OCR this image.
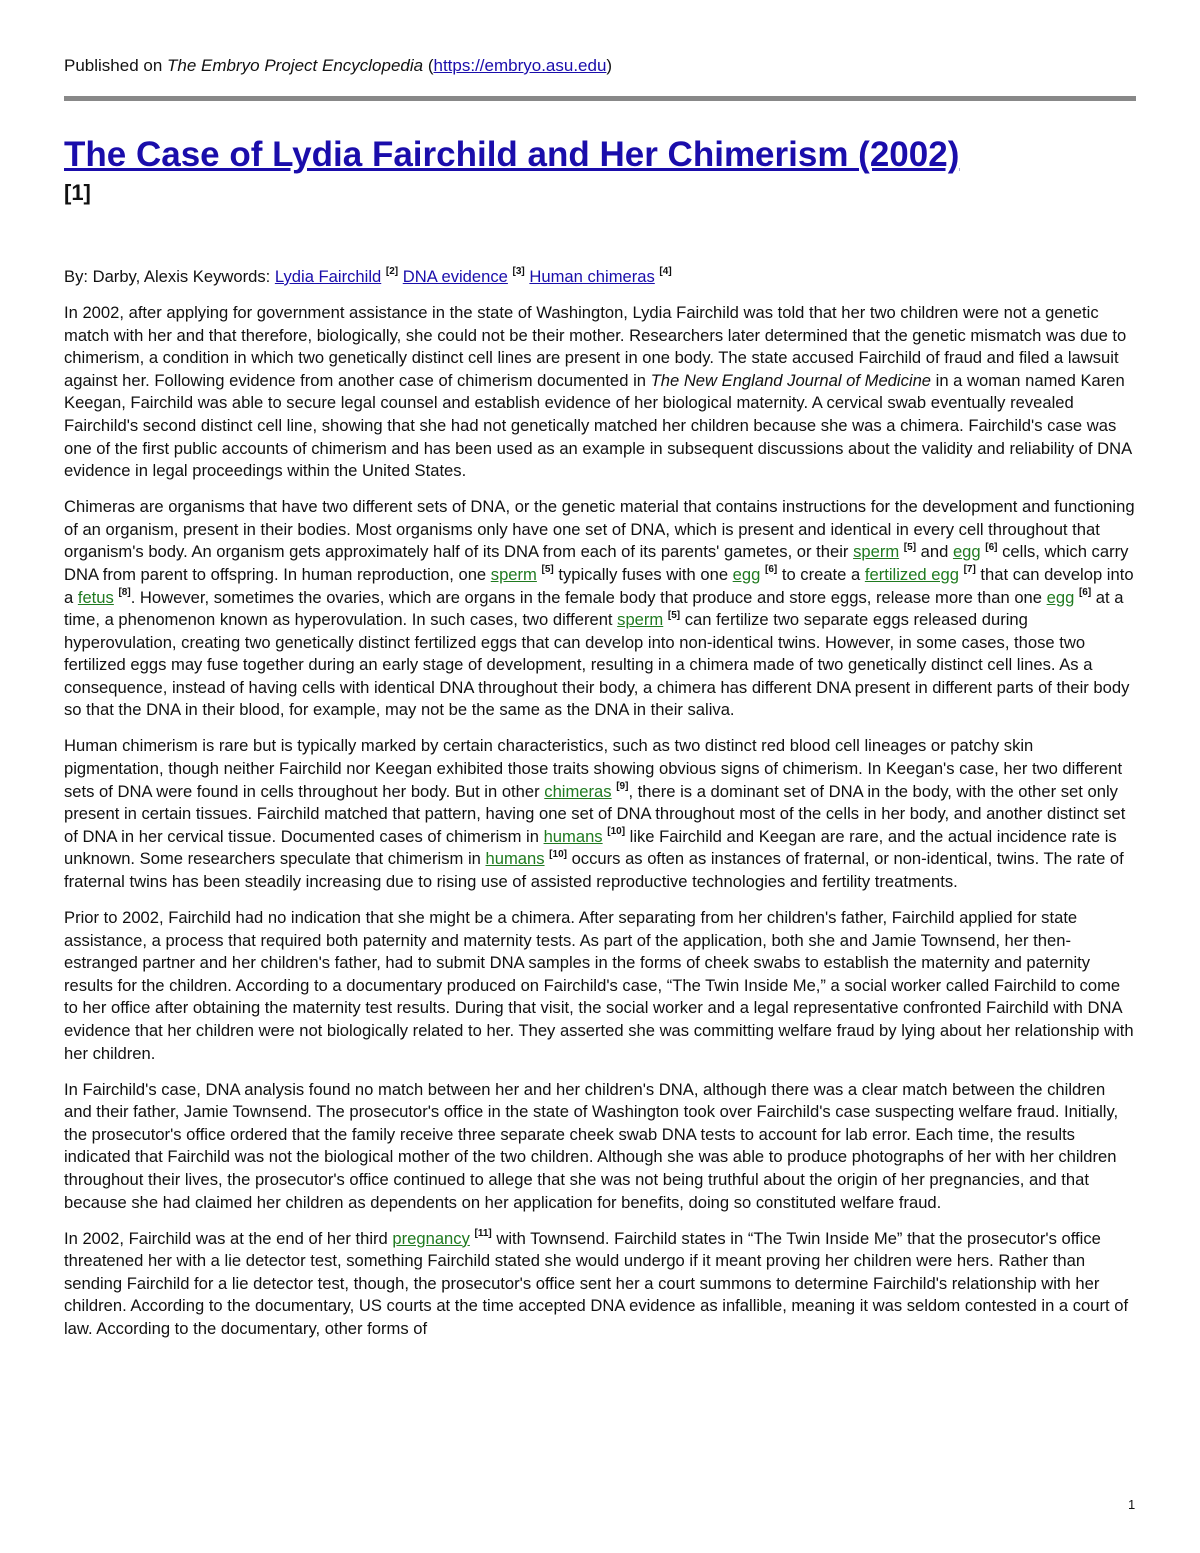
Published on The Embryo Project Encyclopedia (https://embryo.asu.edu)
The Case of Lydia Fairchild and Her Chimerism (2002)
[1]

By: Darby, Alexis Keywords: Lydia Fairchild [2] DNA evidence [3] Human chimeras [4]

In 2002, after applying for government assistance in the state of Washington, Lydia Fairchild was told that her two children were not a genetic match with her and that therefore, biologically, she could not be their mother. Researchers later determined that the genetic mismatch was due to chimerism, a condition in which two genetically distinct cell lines are present in one body. The state accused Fairchild of fraud and filed a lawsuit against her. Following evidence from another case of chimerism documented in The New England Journal of Medicine in a woman named Karen Keegan, Fairchild was able to secure legal counsel and establish evidence of her biological maternity. A cervical swab eventually revealed Fairchild's second distinct cell line, showing that she had not genetically matched her children because she was a chimera. Fairchild's case was one of the first public accounts of chimerism and has been used as an example in subsequent discussions about the validity and reliability of DNA evidence in legal proceedings within the United States.

Chimeras are organisms that have two different sets of DNA, or the genetic material that contains instructions for the development and functioning of an organism, present in their bodies. Most organisms only have one set of DNA, which is present and identical in every cell throughout that organism's body. An organism gets approximately half of its DNA from each of its parents' gametes, or their sperm [5] and egg [6] cells, which carry DNA from parent to offspring. In human reproduction, one sperm [5] typically fuses with one egg [6] to create a fertilized egg [7] that can develop into a fetus [8]. However, sometimes the ovaries, which are organs in the female body that produce and store eggs, release more than one egg [6] at a time, a phenomenon known as hyperovulation. In such cases, two different sperm [5] can fertilize two separate eggs released during hyperovulation, creating two genetically distinct fertilized eggs that can develop into non-identical twins. However, in some cases, those two fertilized eggs may fuse together during an early stage of development, resulting in a chimera made of two genetically distinct cell lines. As a consequence, instead of having cells with identical DNA throughout their body, a chimera has different DNA present in different parts of their body so that the DNA in their blood, for example, may not be the same as the DNA in their saliva.

Human chimerism is rare but is typically marked by certain characteristics, such as two distinct red blood cell lineages or patchy skin pigmentation, though neither Fairchild nor Keegan exhibited those traits showing obvious signs of chimerism. In Keegan's case, her two different sets of DNA were found in cells throughout her body. But in other chimeras [9], there is a dominant set of DNA in the body, with the other set only present in certain tissues. Fairchild matched that pattern, having one set of DNA throughout most of the cells in her body, and another distinct set of DNA in her cervical tissue. Documented cases of chimerism in humans [10] like Fairchild and Keegan are rare, and the actual incidence rate is unknown. Some researchers speculate that chimerism in humans [10] occurs as often as instances of fraternal, or non-identical, twins. The rate of fraternal twins has been steadily increasing due to rising use of assisted reproductive technologies and fertility treatments.

Prior to 2002, Fairchild had no indication that she might be a chimera. After separating from her children's father, Fairchild applied for state assistance, a process that required both paternity and maternity tests. As part of the application, both she and Jamie Townsend, her then-estranged partner and her children's father, had to submit DNA samples in the forms of cheek swabs to establish the maternity and paternity results for the children. According to a documentary produced on Fairchild's case, “The Twin Inside Me,” a social worker called Fairchild to come to her office after obtaining the maternity test results. During that visit, the social worker and a legal representative confronted Fairchild with DNA evidence that her children were not biologically related to her. They asserted she was committing welfare fraud by lying about her relationship with her children.

In Fairchild's case, DNA analysis found no match between her and her children's DNA, although there was a clear match between the children and their father, Jamie Townsend. The prosecutor's office in the state of Washington took over Fairchild's case suspecting welfare fraud. Initially, the prosecutor's office ordered that the family receive three separate cheek swab DNA tests to account for lab error. Each time, the results indicated that Fairchild was not the biological mother of the two children. Although she was able to produce photographs of her with her children throughout their lives, the prosecutor's office continued to allege that she was not being truthful about the origin of her pregnancies, and that because she had claimed her children as dependents on her application for benefits, doing so constituted welfare fraud.

In 2002, Fairchild was at the end of her third pregnancy [11] with Townsend. Fairchild states in “The Twin Inside Me” that the prosecutor's office threatened her with a lie detector test, something Fairchild stated she would undergo if it meant proving her children were hers. Rather than sending Fairchild for a lie detector test, though, the prosecutor's office sent her a court summons to determine Fairchild's relationship with her children. According to the documentary, US courts at the time accepted DNA evidence as infallible, meaning it was seldom contested in a court of law. According to the documentary, other forms of

1
